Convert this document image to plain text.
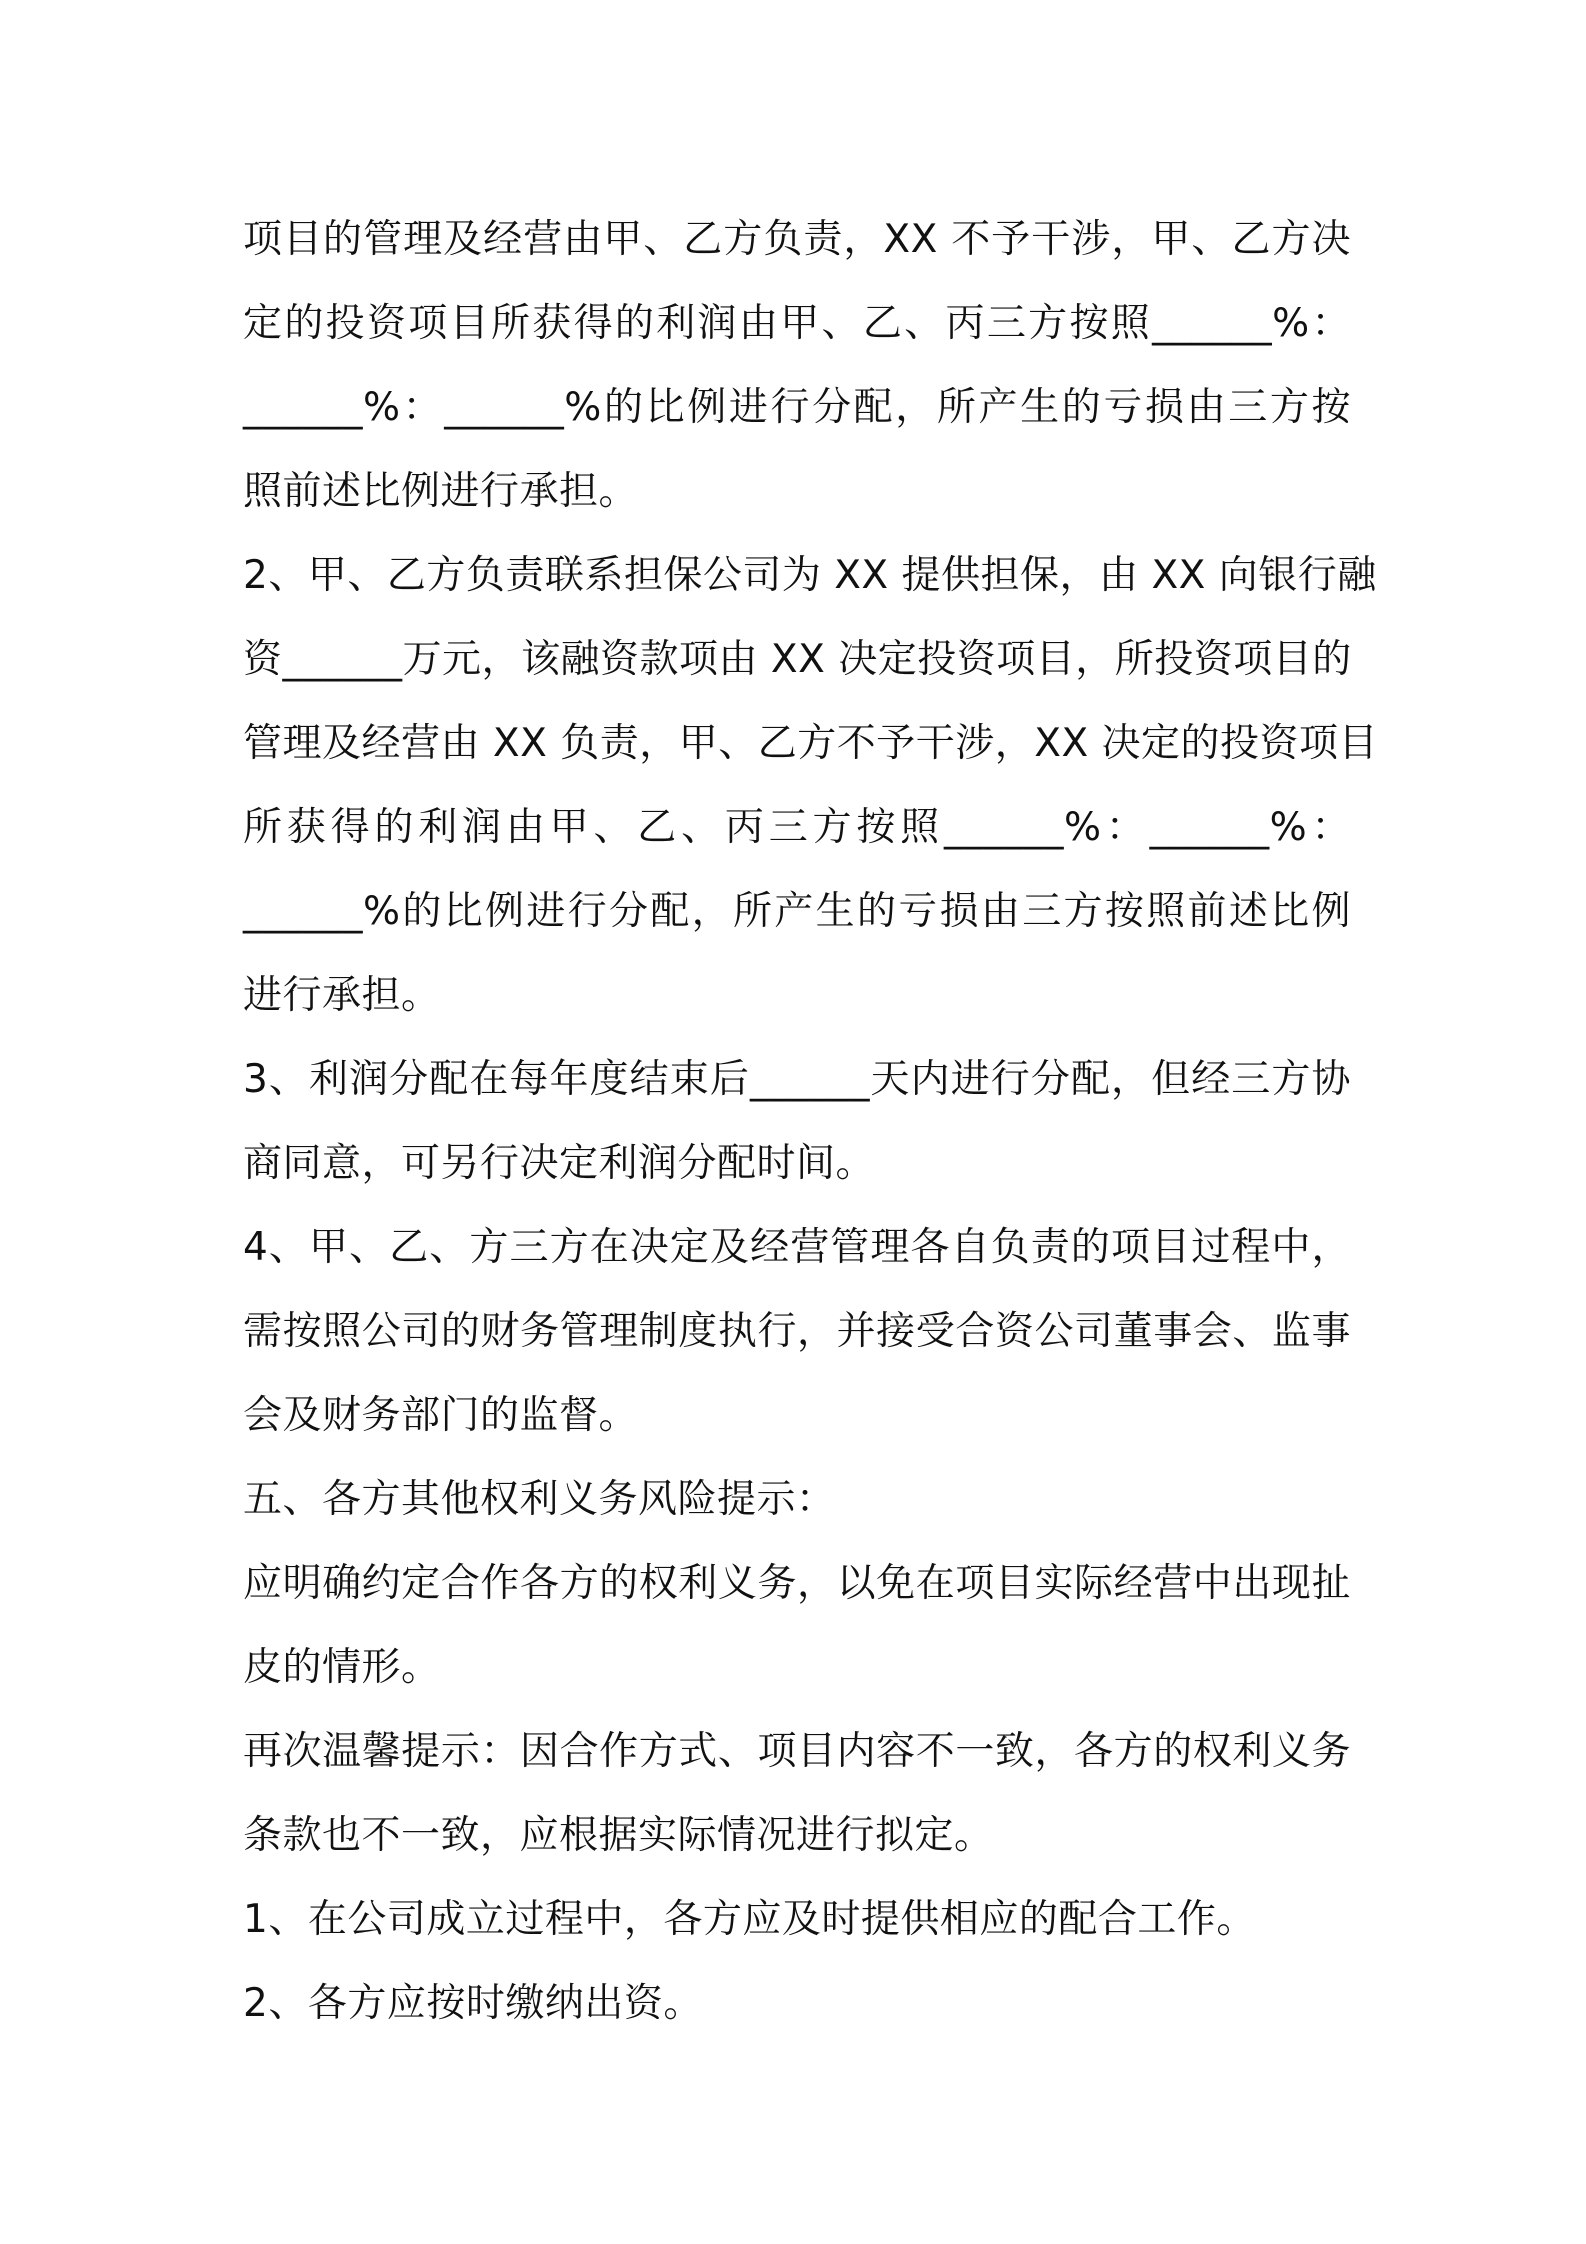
项目的管理及经营由甲、乙方负责，XX 不予干涉，甲、乙方决
定的投资项目所获得的利润由甲、乙、丙三方按照______%：
______%：______%的比例进行分配，所产生的亏损由三方按
照前述比例进行承担。
2、甲、乙方负责联系担保公司为 XX 提供担保，由 XX 向银行融
资______万元，该融资款项由 XX 决定投资项目，所投资项目的
管理及经营由 XX 负责，甲、乙方不予干涉，XX 决定的投资项目
所获得的利润由甲、乙、丙三方按照______%：______%：
______%的比例进行分配，所产生的亏损由三方按照前述比例
进行承担。
3、利润分配在每年度结束后______天内进行分配，但经三方协
商同意，可另行决定利润分配时间。
4、甲、乙、方三方在决定及经营管理各自负责的项目过程中，
需按照公司的财务管理制度执行，并接受合资公司董事会、监事
会及财务部门的监督。
五、各方其他权利义务风险提示：
应明确约定合作各方的权利义务，以免在项目实际经营中出现扯
皮的情形。
再次温馨提示：因合作方式、项目内容不一致，各方的权利义务
条款也不一致，应根据实际情况进行拟定。
1、在公司成立过程中，各方应及时提供相应的配合工作。
2、各方应按时缴纳出资。
